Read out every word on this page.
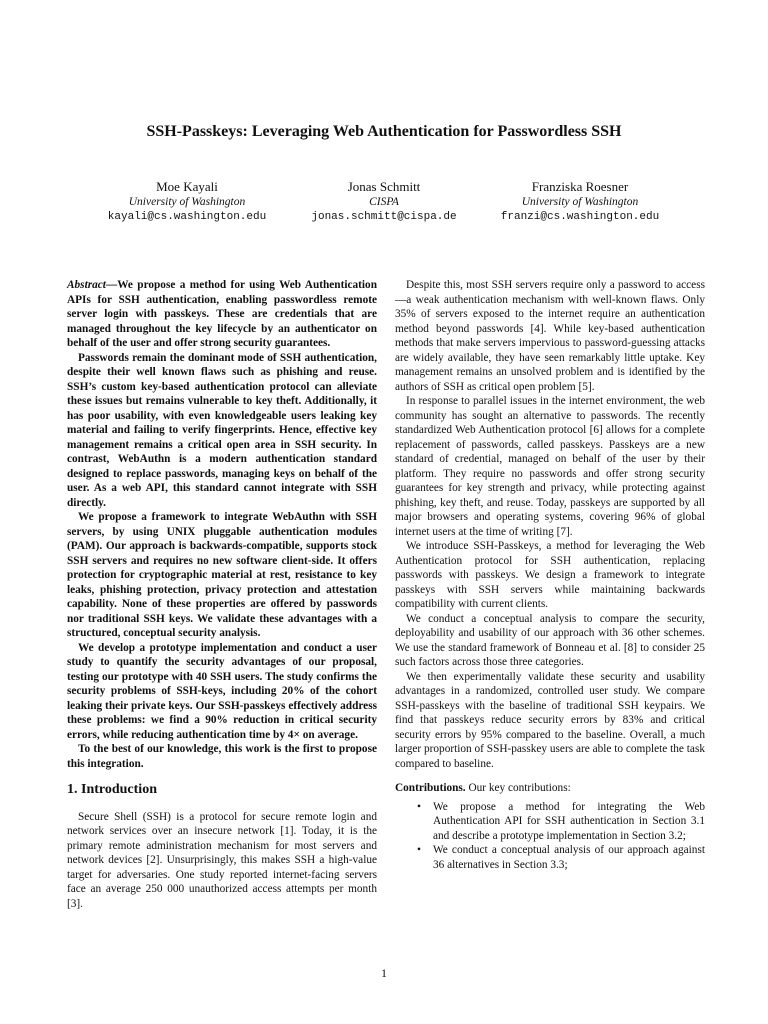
SSH-Passkeys: Leveraging Web Authentication for Passwordless SSH
Moe Kayali
University of Washington
kayali@cs.washington.edu
Jonas Schmitt
CISPA
jonas.schmitt@cispa.de
Franziska Roesner
University of Washington
franzi@cs.washington.edu

Abstract—We propose a method for using Web Authentication APIs for SSH authentication, enabling passwordless remote server login with passkeys. These are credentials that are managed throughout the key lifecycle by an authenticator on behalf of the user and offer strong security guarantees.

Passwords remain the dominant mode of SSH authentication, despite their well known flaws such as phishing and reuse. SSH’s custom key-based authentication protocol can alleviate these issues but remains vulnerable to key theft. Additionally, it has poor usability, with even knowledgeable users leaking key material and failing to verify fingerprints. Hence, effective key management remains a critical open area in SSH security. In contrast, WebAuthn is a modern authentication standard designed to replace passwords, managing keys on behalf of the user. As a web API, this standard cannot integrate with SSH directly.

We propose a framework to integrate WebAuthn with SSH servers, by using UNIX pluggable authentication modules (PAM). Our approach is backwards-compatible, supports stock SSH servers and requires no new software client-side. It offers protection for cryptographic material at rest, resistance to key leaks, phishing protection, privacy protection and attestation capability. None of these properties are offered by passwords nor traditional SSH keys. We validate these advantages with a structured, conceptual security analysis.

We develop a prototype implementation and conduct a user study to quantify the security advantages of our proposal, testing our prototype with 40 SSH users. The study confirms the security problems of SSH-keys, including 20% of the cohort leaking their private keys. Our SSH-passkeys effectively address these problems: we find a 90% reduction in critical security errors, while reducing authentication time by 4× on average.

To the best of our knowledge, this work is the first to propose this integration.

1. Introduction

Secure Shell (SSH) is a protocol for secure remote login and network services over an insecure network [1]. Today, it is the primary remote administration mechanism for most servers and network devices [2]. Unsurprisingly, this makes SSH a high-value target for adversaries. One study reported internet-facing servers face an average 250 000 unauthorized access attempts per month [3].

Despite this, most SSH servers require only a password to access—a weak authentication mechanism with well-known flaws. Only 35% of servers exposed to the internet require an authentication method beyond passwords [4]. While key-based authentication methods that make servers impervious to password-guessing attacks are widely available, they have seen remarkably little uptake. Key management remains an unsolved problem and is identified by the authors of SSH as critical open problem [5].

In response to parallel issues in the internet environment, the web community has sought an alternative to passwords. The recently standardized Web Authentication protocol [6] allows for a complete replacement of passwords, called passkeys. Passkeys are a new standard of credential, managed on behalf of the user by their platform. They require no passwords and offer strong security guarantees for key strength and privacy, while protecting against phishing, key theft, and reuse. Today, passkeys are supported by all major browsers and operating systems, covering 96% of global internet users at the time of writing [7].

We introduce SSH-Passkeys, a method for leveraging the Web Authentication protocol for SSH authentication, replacing passwords with passkeys. We design a framework to integrate passkeys with SSH servers while maintaining backwards compatibility with current clients.

We conduct a conceptual analysis to compare the security, deployability and usability of our approach with 36 other schemes. We use the standard framework of Bonneau et al. [8] to consider 25 such factors across those three categories.

We then experimentally validate these security and usability advantages in a randomized, controlled user study. We compare SSH-passkeys with the baseline of traditional SSH keypairs. We find that passkeys reduce security errors by 83% and critical security errors by 95% compared to the baseline. Overall, a much larger proportion of SSH-passkey users are able to complete the task compared to baseline.

Contributions. Our key contributions:

• We propose a method for integrating the Web Authentication API for SSH authentication in Section 3.1 and describe a prototype implementation in Section 3.2;
• We conduct a conceptual analysis of our approach against 36 alternatives in Section 3.3;
1
